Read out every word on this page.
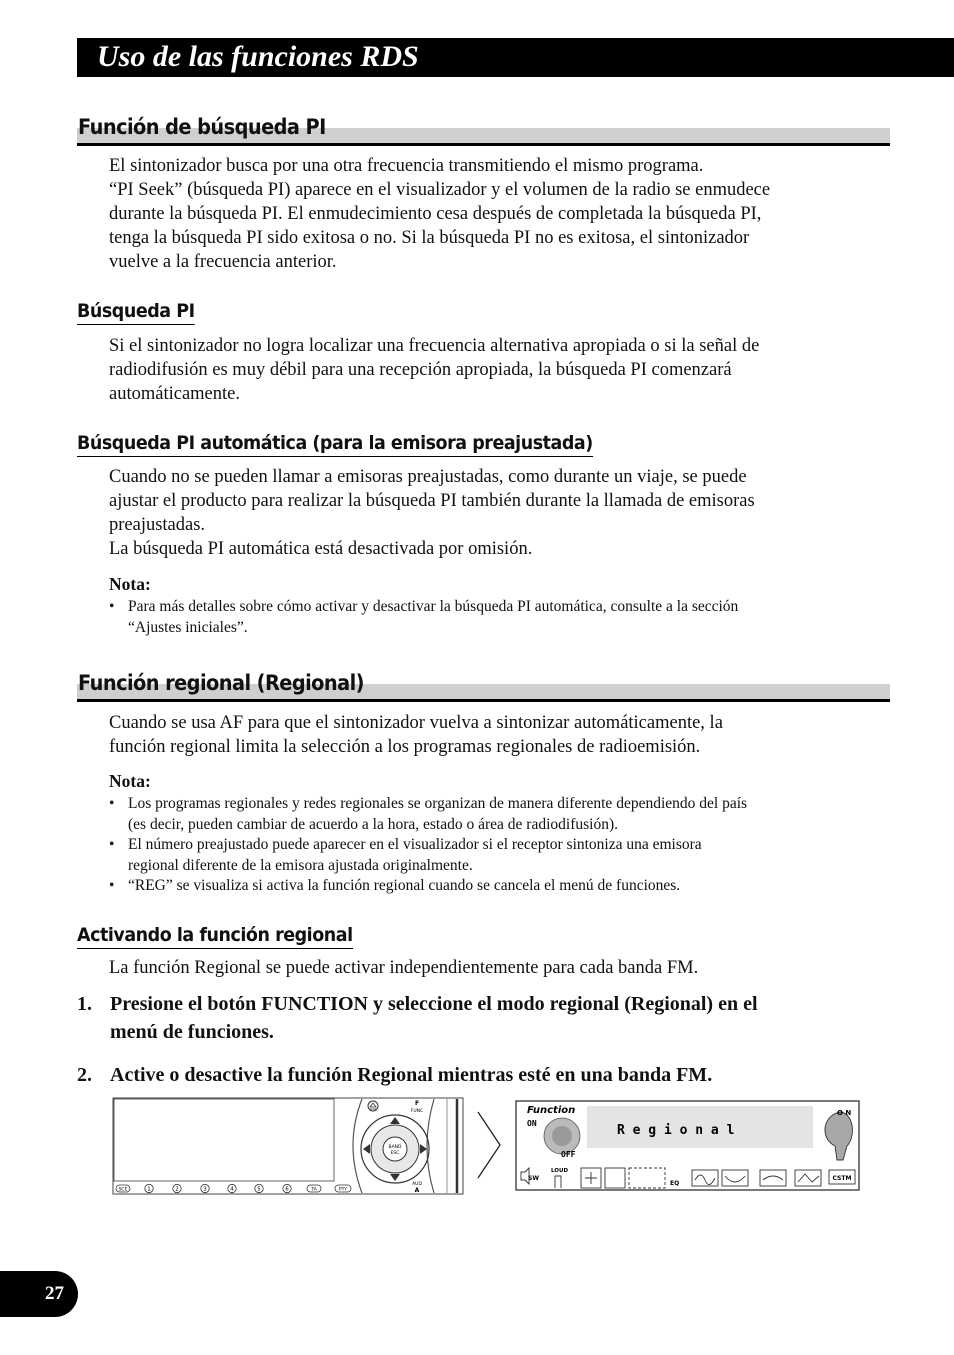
Uso de las funciones RDS
Función de búsqueda PI
El sintonizador busca por una otra frecuencia transmitiendo el mismo programa.
“PI Seek” (búsqueda PI) aparece en el visualizador y el volumen de la radio se enmudece
durante la búsqueda PI. El enmudecimiento cesa después de completada la búsqueda PI,
tenga la búsqueda PI sido exitosa o no. Si la búsqueda PI no es exitosa, el sintonizador
vuelve a la frecuencia anterior.
Búsqueda PI
Si el sintonizador no logra localizar una frecuencia alternativa apropiada o si la señal de
radiodifusión es muy débil para una recepción apropiada, la búsqueda PI comenzará
automáticamente.
Búsqueda PI automática (para la emisora preajustada)
Cuando no se pueden llamar a emisoras preajustadas, como durante un viaje, se puede
ajustar el producto para realizar la búsqueda PI también durante la llamada de emisoras
preajustadas.
La búsqueda PI automática está desactivada por omisión.
Nota:
• Para más detalles sobre cómo activar y desactivar la búsqueda PI automática, consulte a la sección
“Ajustes iniciales”.
Función regional (Regional)
Cuando se usa AF para que el sintonizador vuelva a sintonizar automáticamente, la
función regional limita la selección a los programas regionales de radioemisión.
Nota:
• Los programas regionales y redes regionales se organizan de manera diferente dependiendo del país
(es decir, pueden cambiar de acuerdo a la hora, estado o área de radiodifusión).
• El número preajustado puede aparecer en el visualizador si el receptor sintoniza una emisora
regional diferente de la emisora ajustada originalmente.
• “REG” se visualiza si activa la función regional cuando se cancela el menú de funciones.
Activando la función regional
La función Regional se puede activar independientemente para cada banda FM.
1. Presione el botón FUNCTION y seleccione el modo regional (Regional) en el
menú de funciones.
2. Active o desactive la función Regional mientras esté en una banda FM.
BAND
ESC
F
FUNC
AUD
A
SCE	1	2	3	4	5	6	TA	PTY
Function
ON
OFF
R e g i o n a l
O N
SW
LOUD
EQ
CSTM
27
